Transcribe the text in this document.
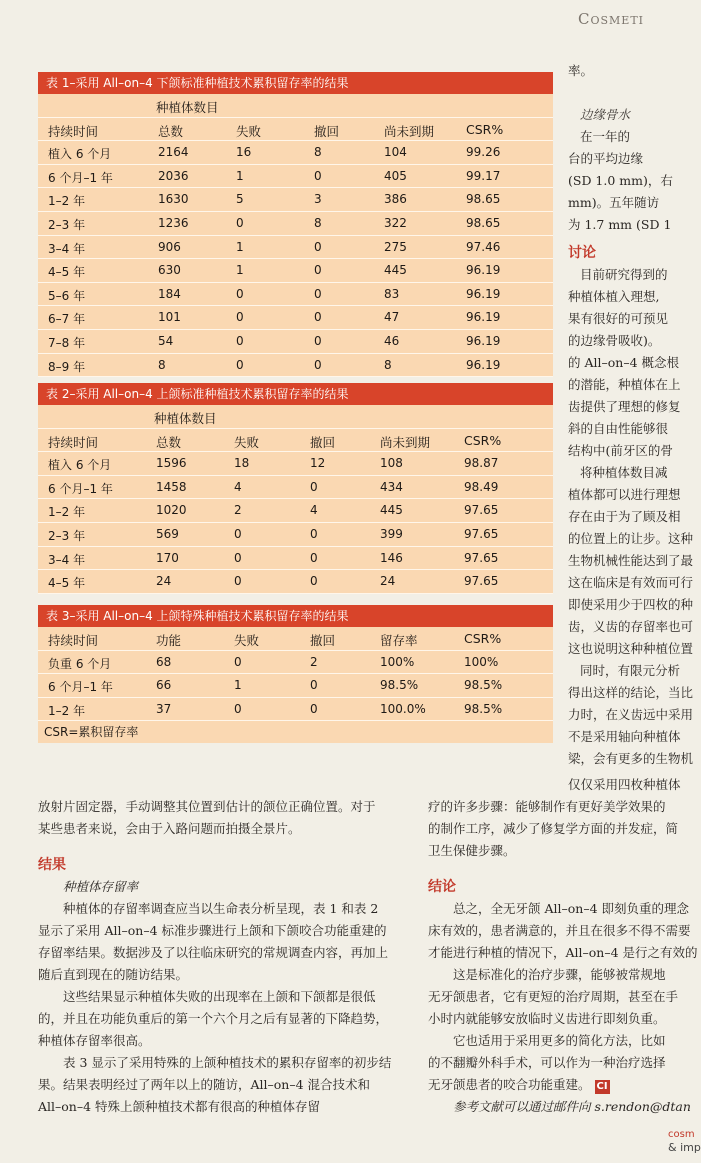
Cosmeti
表 1–采用 All–on–4 下颌标准种植技术累积留存率的结果
种植体数目
持续时间	总数	失败	撤回	尚未到期	CSR%
植入 6 个月	2164	16	8	104	99.26
6 个月–1 年	2036	1	0	405	99.17
1–2 年	1630	5	3	386	98.65
2–3 年	1236	0	8	322	98.65
3–4 年	906	1	0	275	97.46
4–5 年	630	1	0	445	96.19
5–6 年	184	0	0	83	96.19
6–7 年	101	0	0	47	96.19
7–8 年	54	0	0	46	96.19
8–9 年	8	0	0	8	96.19
表 2–采用 All–on–4 上颌标准种植技术累积留存率的结果
种植体数目
持续时间	总数	失败	撤回	尚未到期	CSR%
植入 6 个月	1596	18	12	108	98.87
6 个月–1 年	1458	4	0	434	98.49
1–2 年	1020	2	4	445	97.65
2–3 年	569	0	0	399	97.65
3–4 年	170	0	0	146	97.65
4–5 年	24	0	0	24	97.65
表 3–采用 All–on–4 上颌特殊种植技术累积留存率的结果
持续时间	功能	失败	撤回	留存率	CSR%
负重 6 个月	68	0	2	100%	100%
6 个月–1 年	66	1	0	98.5%	98.5%
1–2 年	37	0	0	100.0%	98.5%
CSR=累积留存率

率。

边缘骨水

在一年的

台的平均边缘

(SD 1.0 mm)，右

mm)。五年随访

为 1.7 mm (SD 1

讨论

目前研究得到的

种植体植入理想,

果有很好的可预见

的边缘骨吸收)。

的 All–on–4 概念根

的潜能，种植体在上

齿提供了理想的修复

斜的自由性能够很

结构中(前牙区的骨

将种植体数目减

植体都可以进行理想

存在由于为了顾及相

的位置上的让步。这种

生物机械性能达到了最

这在临床是有效而可行

即使采用少于四枚的种

齿，义齿的存留率也可

这也说明这种种植位置

同时，有限元分析

得出这样的结论，当比

力时，在义齿远中采用

不是采用轴向种植体

梁，会有更多的生物机

放射片固定器，手动调整其位置到估计的颌位正确位置。对于

某些患者来说，会由于入路问题而拍摄全景片。

结果

种植体存留率

种植体的存留率调查应当以生命表分析呈现，表 1 和表 2 显示了采用 All–on–4 标准步骤进行上颌和下颌咬合功能重建的存留率结果。数据涉及了以往临床研究的常规调查内容，再加上随后直到现在的随访结果。

这些结果显示种植体失败的出现率在上颌和下颌都是很低的，并且在功能负重后的第一个六个月之后有显著的下降趋势，种植体存留率很高。

表 3 显示了采用特殊的上颌种植技术的累积存留率的初步结果。结果表明经过了两年以上的随访，All–on–4 混合技术和 All–on–4 特殊上颌种植技术都有很高的种植体存留

仅仅采用四枚种植体

疗的许多步骤：能够制作有更好美学效果的

的制作工序，减少了修复学方面的并发症，简

卫生保健步骤。

结论

总之，全无牙颌 All–on–4 即刻负重的理念

床有效的，患者满意的，并且在很多不得不需要

才能进行种植的情况下，All–on–4 是行之有效的

这是标准化的治疗步骤，能够被常规地

无牙颌患者，它有更短的治疗周期，甚至在手

小时内就能够安放临时义齿进行即刻负重。

它也适用于采用更多的简化方法，比如

的不翻瓣外科手术，可以作为一种治疗选择

无牙颌患者的咬合功能重建。 CI

参考文献可以通过邮件向 s.rendon@dtan

cosm
& imp
